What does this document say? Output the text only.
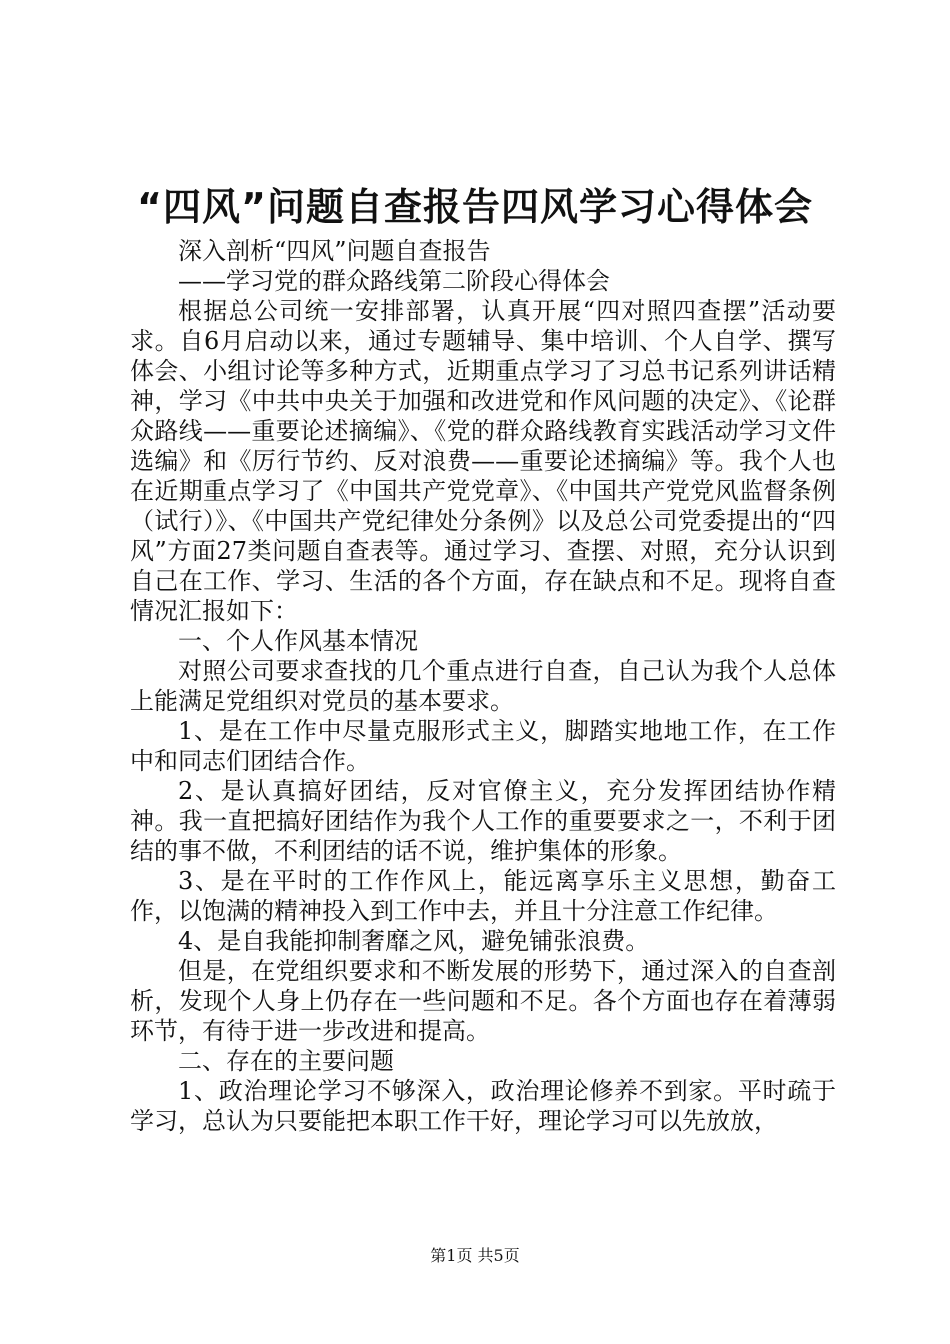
“四风”问题自查报告四风学习心得体会

深入剖析“四风”问题自查报告

——学习党的群众路线第二阶段心得体会

根据总公司统一安排部署，认真开展“四对照四查摆”活动要求。自6月启动以来，通过专题辅导、集中培训、个人自学、撰写体会、小组讨论等多种方式，近期重点学习了习总书记系列讲话精神，学习《中共中央关于加强和改进党和作风问题的决定》、《论群众路线——重要论述摘编》、《党的群众路线教育实践活动学习文件选编》和《厉行节约、反对浪费——重要论述摘编》等。我个人也在近期重点学习了《中国共产党党章》、《中国共产党党风监督条例（试行）》、《中国共产党纪律处分条例》以及总公司党委提出的“四风”方面27类问题自查表等。通过学习、查摆、对照，充分认识到自己在工作、学习、生活的各个方面，存在缺点和不足。现将自查情况汇报如下：

一、个人作风基本情况

对照公司要求查找的几个重点进行自查，自己认为我个人总体上能满足党组织对党员的基本要求。

1、是在工作中尽量克服形式主义，脚踏实地地工作，在工作中和同志们团结合作。

2、是认真搞好团结，反对官僚主义，充分发挥团结协作精神。我一直把搞好团结作为我个人工作的重要要求之一，不利于团结的事不做，不利团结的话不说，维护集体的形象。

3、是在平时的工作作风上，能远离享乐主义思想，勤奋工作，以饱满的精神投入到工作中去，并且十分注意工作纪律。

4、是自我能抑制奢靡之风，避免铺张浪费。

但是，在党组织要求和不断发展的形势下，通过深入的自查剖析，发现个人身上仍存在一些问题和不足。各个方面也存在着薄弱环节，有待于进一步改进和提高。

二、存在的主要问题

1、政治理论学习不够深入，政治理论修养不到家。平时疏于学习，总认为只要能把本职工作干好，理论学习可以先放放，

第1页 共5页
